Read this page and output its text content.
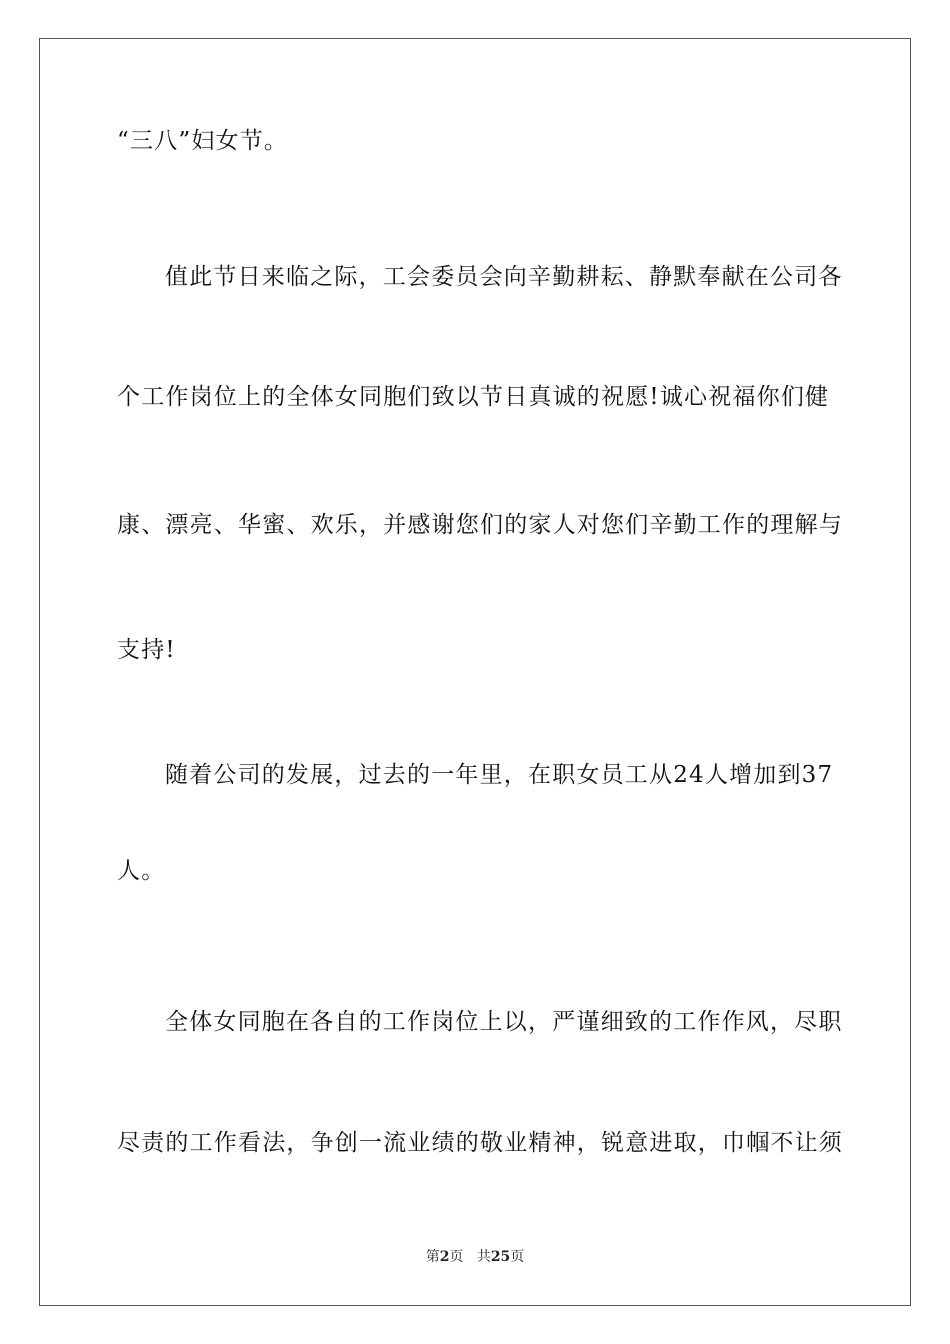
“三八”妇女节。
值此节日来临之际，工会委员会向辛勤耕耘、静默奉献在公司各
个工作岗位上的全体女同胞们致以节日真诚的祝愿!诚心祝福你们健
康、漂亮、华蜜、欢乐，并感谢您们的家人对您们辛勤工作的理解与
支持!
随着公司的发展，过去的一年里，在职女员工从24人增加到37
人。
全体女同胞在各自的工作岗位上以，严谨细致的工作作风，尽职
尽责的工作看法，争创一流业绩的敬业精神，锐意进取，巾帼不让须
第2页 共25页
